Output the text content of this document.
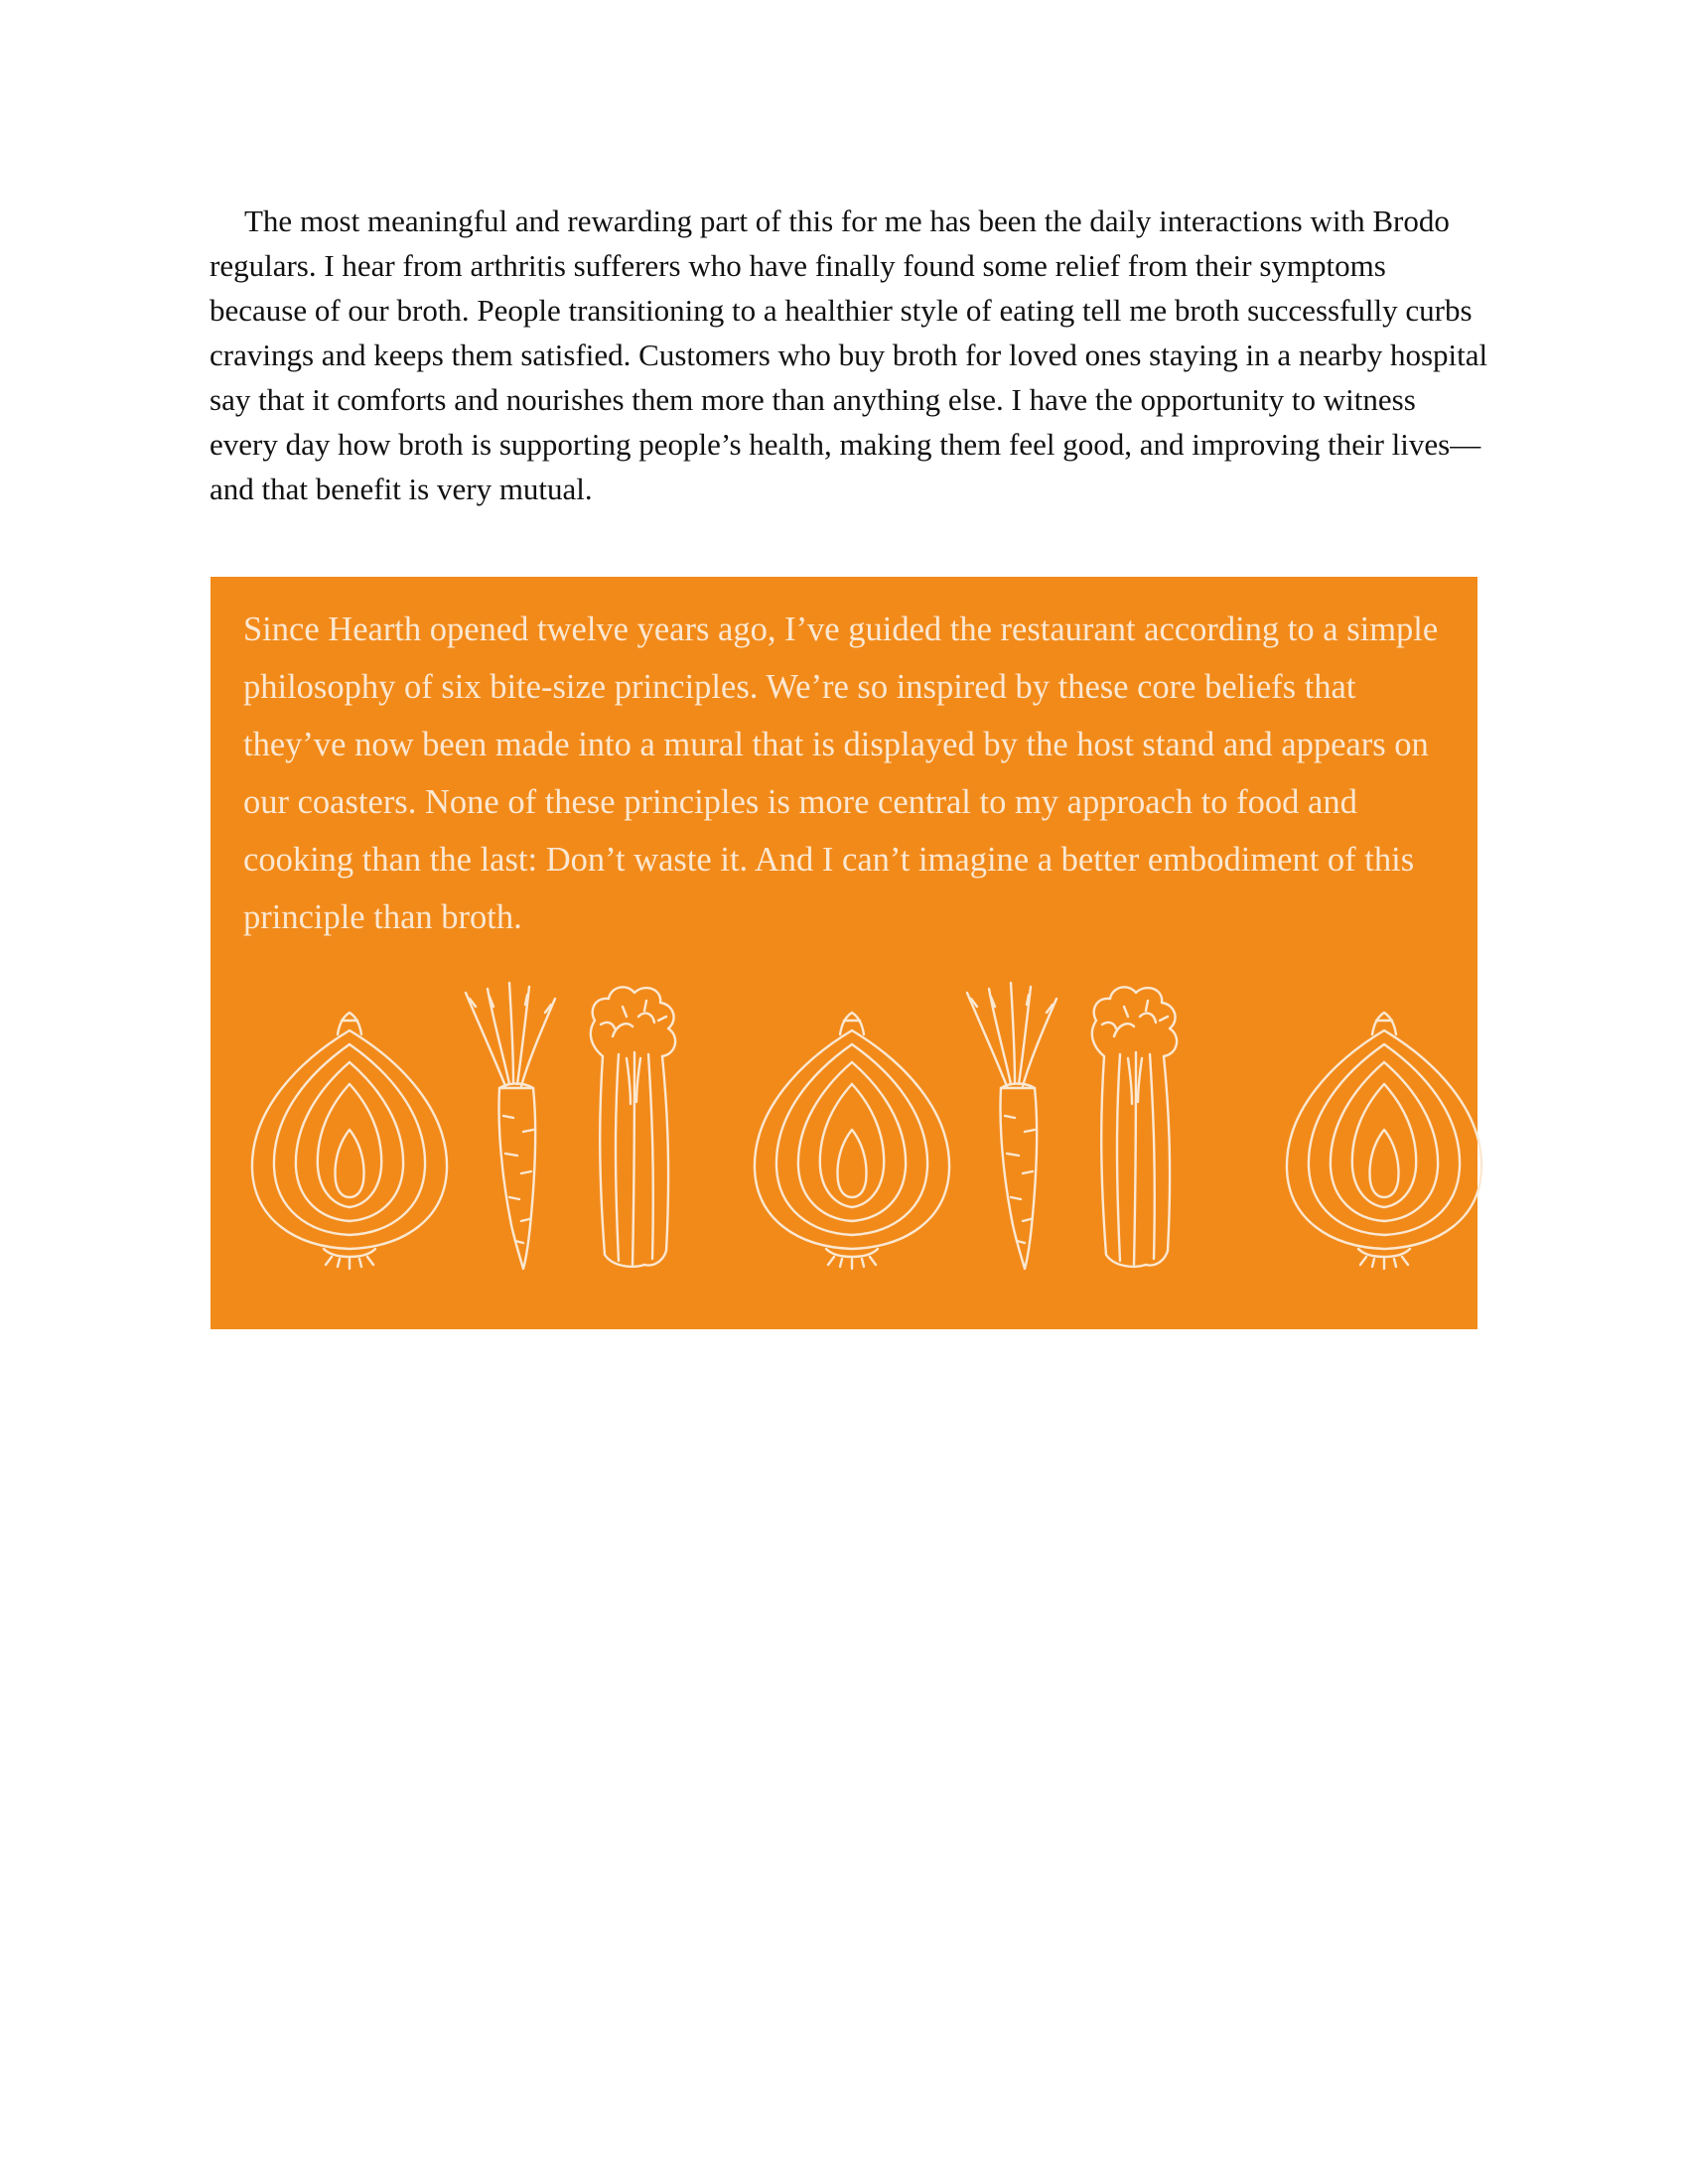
The most meaningful and rewarding part of this for me has been the daily interactions with Brodo regulars. I hear from arthritis sufferers who have finally found some relief from their symptoms because of our broth. People transitioning to a healthier style of eating tell me broth successfully curbs cravings and keeps them satisfied. Customers who buy broth for loved ones staying in a nearby hospital say that it comforts and nourishes them more than anything else. I have the opportunity to witness every day how broth is supporting people’s health, making them feel good, and improving their lives—and that benefit is very mutual.

Since Hearth opened twelve years ago, I’ve guided the restaurant according to a simple philosophy of six bite-size principles. We’re so inspired by these core beliefs that they’ve now been made into a mural that is displayed by the host stand and appears on our coasters. None of these principles is more central to my approach to food and cooking than the last: Don’t waste it. And I can’t imagine a better embodiment of this principle than broth.
